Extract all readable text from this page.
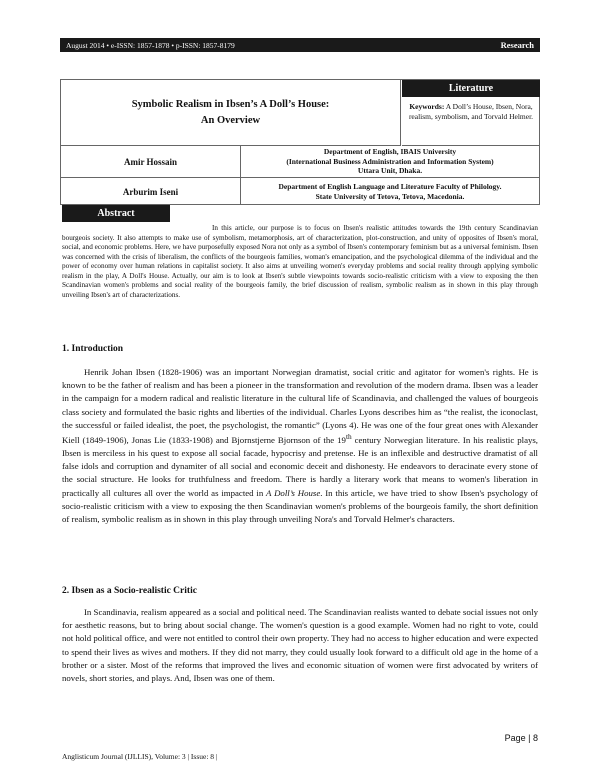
August 2014 • e-ISSN: 1857-1878 • p-ISSN: 1857-8179	Research
Symbolic Realism in Ibsen’s A Doll’s House:
An Overview
Literature
Keywords: A Doll’s House, Ibsen, Nora, realism, symbolism, and Torvald Helmer.
Amir Hossain
Department of English, IBAIS University
(International Business Administration and Information System)
Uttara Unit, Dhaka.
Arburim Iseni
Department of English Language and Literature Faculty of Philology.
State University of Tetova, Tetova, Macedonia.
Abstract

In this article, our purpose is to focus on Ibsen's realistic attitudes towards the 19th century Scandinavian bourgeois society. It also attempts to make use of symbolism, metamorphosis, art of characterization, plot-construction, and unity of opposites of Ibsen's moral, social, and economic problems. Here, we have purposefully exposed Nora not only as a symbol of Ibsen's contemporary feminism but as a universal feminism. Ibsen was concerned with the crisis of liberalism, the conflicts of the bourgeois families, woman's emancipation, and the psychological dilemma of the individual and the power of economy over human relations in capitalist society. It also aims at unveiling women's everyday problems and social reality through applying symbolic realism in the play, A Doll's House. Actually, our aim is to look at Ibsen's subtle viewpoints towards socio-realistic criticism with a view to exposing the then Scandinavian women's problems and social reality of the bourgeois family, the brief discussion of realism, symbolic realism as in shown in this play through unveiling Ibsen's art of characterizations.

1. Introduction

Henrik Johan Ibsen (1828-1906) was an important Norwegian dramatist, social critic and agitator for women's rights. He is known to be the father of realism and has been a pioneer in the transformation and revolution of the modern drama. Ibsen was a leader in the campaign for a modern radical and realistic literature in the cultural life of Scandinavia, and challenged the values of bourgeois class society and formulated the basic rights and liberties of the individual. Charles Lyons describes him as “the realist, the iconoclast, the successful or failed idealist, the poet, the psychologist, the romantic” (Lyons 4). He was one of the four great ones with Alexander Kiell (1849-1906), Jonas Lie (1833-1908) and Bjornstjerne Bjornson of the 19th century Norwegian literature. In his realistic plays, Ibsen is merciless in his quest to expose all social facade, hypocrisy and pretense. He is an inflexible and destructive dramatist of all false idols and corruption and dynamiter of all social and economic deceit and dishonesty. He endeavors to deracinate every stone of the social structure. He looks for truthfulness and freedom. There is hardly a literary work that means to women's liberation in practically all cultures all over the world as impacted in A Doll’s House. In this article, we have tried to show Ibsen's psychology of socio-realistic criticism with a view to exposing the then Scandinavian women's problems of the bourgeois family, the short definition of realism, symbolic realism as in shown in this play through unveiling Nora's and Torvald Helmer's characters.

2. Ibsen as a Socio-realistic Critic

In Scandinavia, realism appeared as a social and political need. The Scandinavian realists wanted to debate social issues not only for aesthetic reasons, but to bring about social change. The women's question is a good example. Women had no right to vote, could not hold political office, and were not entitled to control their own property. They had no access to higher education and were expected to spend their lives as wives and mothers. If they did not marry, they could usually look forward to a difficult old age in the home of a brother or a sister. Most of the reforms that improved the lives and economic situation of women were first advocated by writers of novels, short stories, and plays. And, Ibsen was one of them.

Page | 8
Anglisticum Journal (IJLLIS), Volume: 3 | Issue: 8 |
